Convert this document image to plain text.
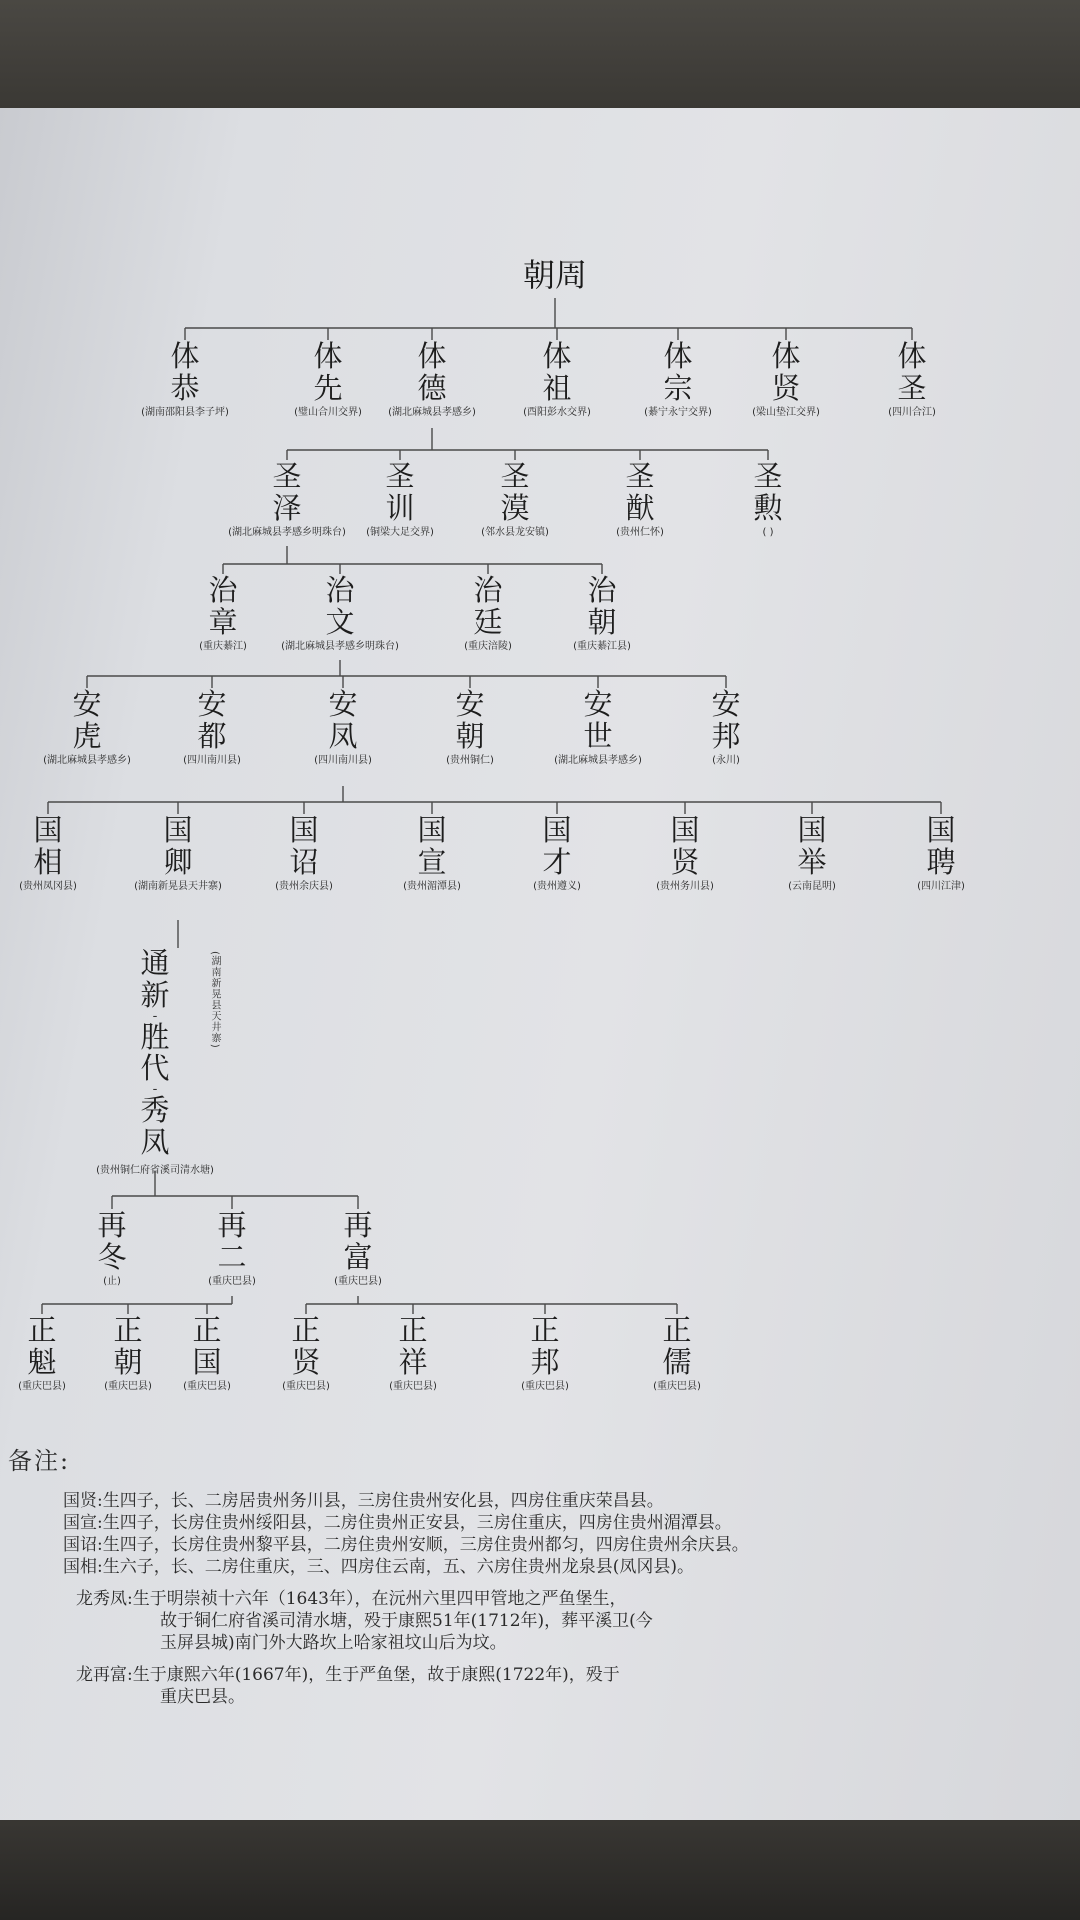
朝周
体
恭
(湖南邵阳县李子坪)
体
先
(璧山合川交界)
体
德
(湖北麻城县孝感乡)
体
祖
(酉阳彭水交界)
体
宗
(綦宁永宁交界)
体
贤
(梁山垫江交界)
体
圣
(四川合江)
圣
泽
(湖北麻城县孝感乡明珠台)
圣
训
(铜梁大足交界)
圣
漠
(邻水县龙安镇)
圣
猷
(贵州仁怀)
圣
勲
( )
治
章
(重庆綦江)
治
文
(湖北麻城县孝感乡明珠台)
治
廷
(重庆涪陵)
治
朝
(重庆綦江县)
安
虎
(湖北麻城县孝感乡)
安
都
(四川南川县)
安
凤
(四川南川县)
安
朝
(贵州铜仁)
安
世
(湖北麻城县孝感乡)
安
邦
(永川)
国
相
(贵州凤冈县)
国
卿
(湖南新晃县天井寨)
国
诏
(贵州余庆县)
国
宣
(贵州湄潭县)
国
才
(贵州遵义)
国
贤
(贵州务川县)
国
举
(云南昆明)
国
聘
(四川江津)
再
冬
(止)
再
二
(重庆巴县)
再
富
(重庆巴县)
正
魁
(重庆巴县)
正
朝
(重庆巴县)
正
国
(重庆巴县)
正
贤
(重庆巴县)
正
祥
(重庆巴县)
正
邦
(重庆巴县)
正
儒
(重庆巴县)
通
新
-
胜
代
-
秀
凤
(贵州铜仁府省溪司清水塘)
(湖南新晃县天井寨)
备注:
国贤:生四子，长、二房居贵州务川县，三房住贵州安化县，四房住重庆荣昌县。
国宣:生四子，长房住贵州绥阳县，二房住贵州正安县，三房住重庆，四房住贵州湄潭县。
国诏:生四子，长房住贵州黎平县，二房住贵州安顺，三房住贵州都匀，四房住贵州余庆县。
国相:生六子，长、二房住重庆，三、四房住云南，五、六房住贵州龙泉县(凤冈县)。
龙秀凤:生于明崇祯十六年（1643年），在沅州六里四甲管地之严鱼堡生，
故于铜仁府省溪司清水塘，殁于康熙51年(1712年)，葬平溪卫(今
玉屏县城)南门外大路坎上哈家祖坟山后为坟。
龙再富:生于康熙六年(1667年)，生于严鱼堡，故于康熙(1722年)，殁于
重庆巴县。
